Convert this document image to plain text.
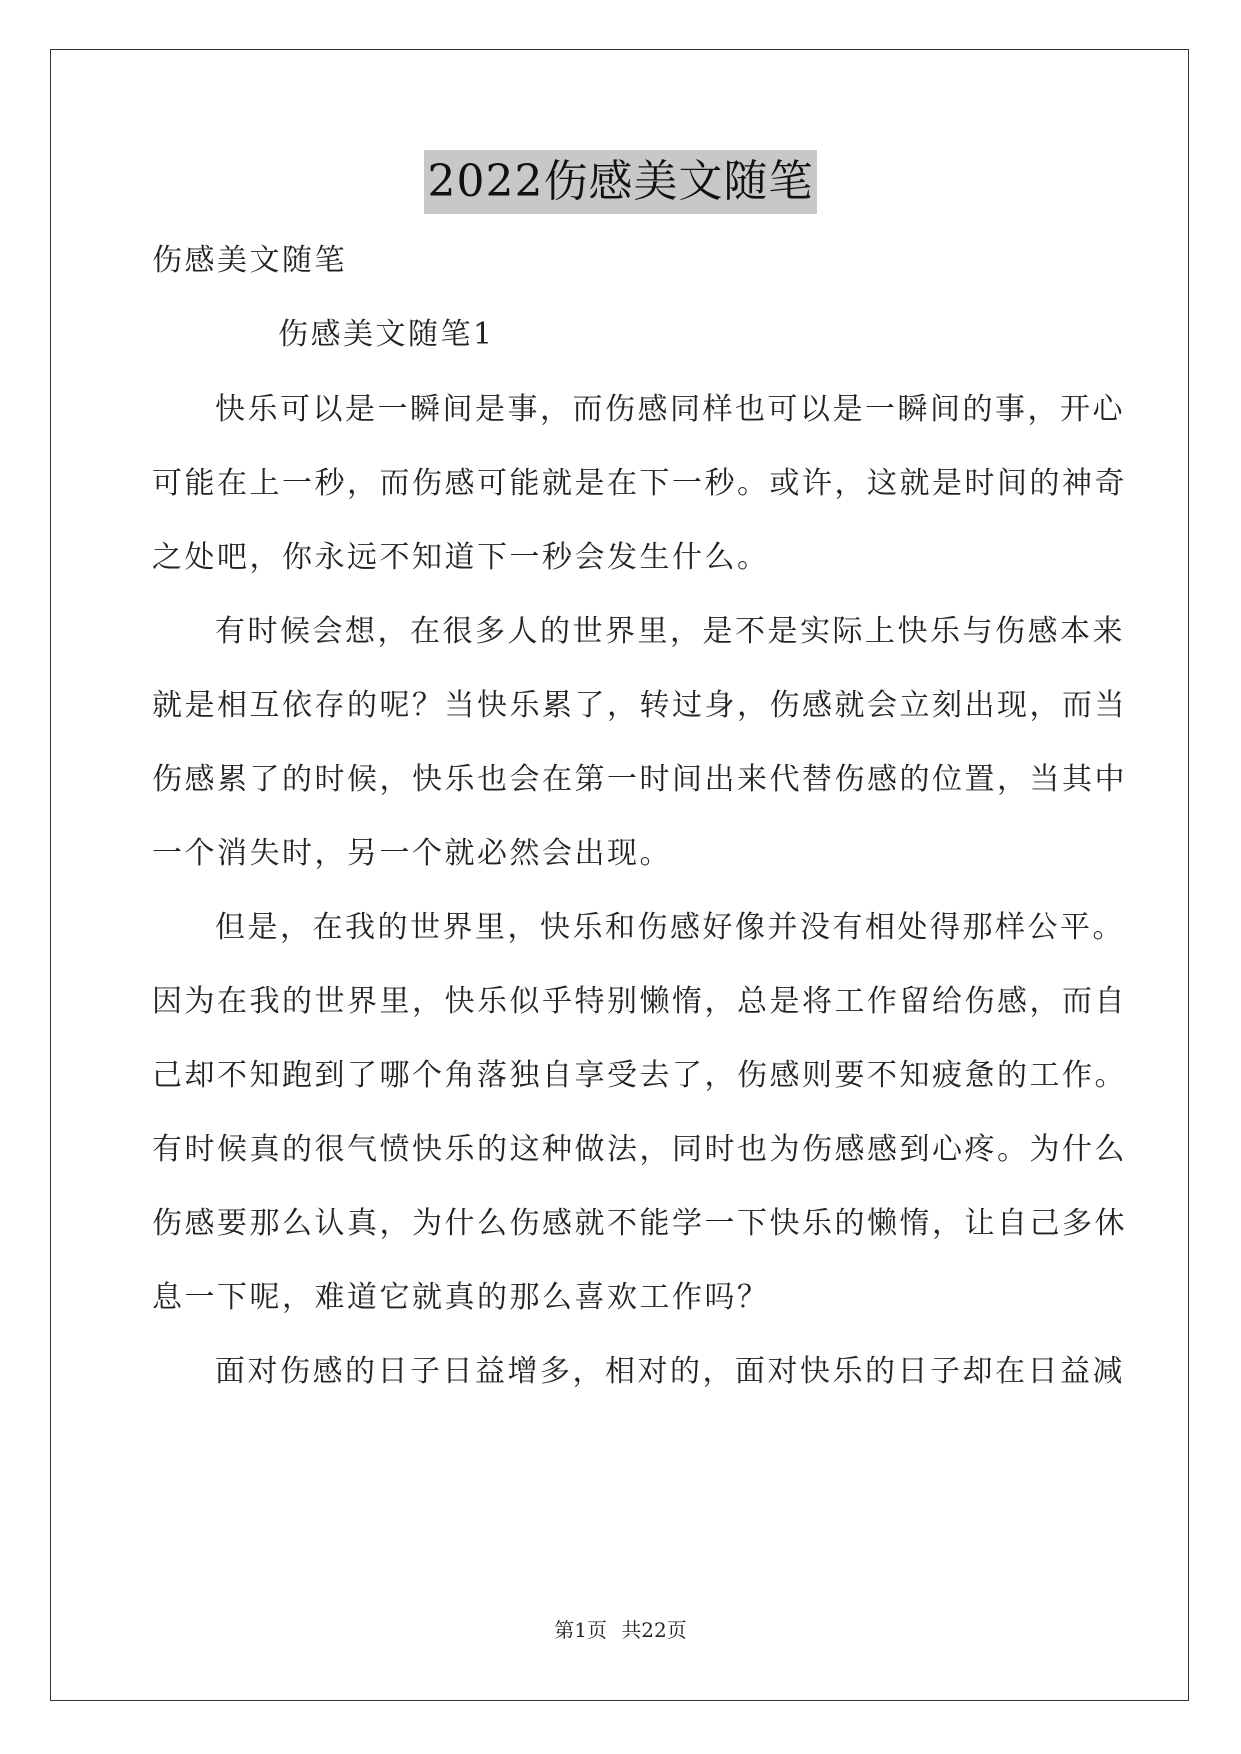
2022伤感美文随笔
伤感美文随笔
伤感美文随笔1
快乐可以是一瞬间是事，而伤感同样也可以是一瞬间的事，开心
可能在上一秒，而伤感可能就是在下一秒。或许，这就是时间的神奇
之处吧，你永远不知道下一秒会发生什么。
有时候会想，在很多人的世界里，是不是实际上快乐与伤感本来
就是相互依存的呢？当快乐累了，转过身，伤感就会立刻出现，而当
伤感累了的时候，快乐也会在第一时间出来代替伤感的位置，当其中
一个消失时，另一个就必然会出现。
但是，在我的世界里，快乐和伤感好像并没有相处得那样公平。
因为在我的世界里，快乐似乎特别懒惰，总是将工作留给伤感，而自
己却不知跑到了哪个角落独自享受去了，伤感则要不知疲惫的工作。
有时候真的很气愤快乐的这种做法，同时也为伤感感到心疼。为什么
伤感要那么认真，为什么伤感就不能学一下快乐的懒惰，让自己多休
息一下呢，难道它就真的那么喜欢工作吗？
面对伤感的日子日益增多，相对的，面对快乐的日子却在日益减
第1页 共22页
